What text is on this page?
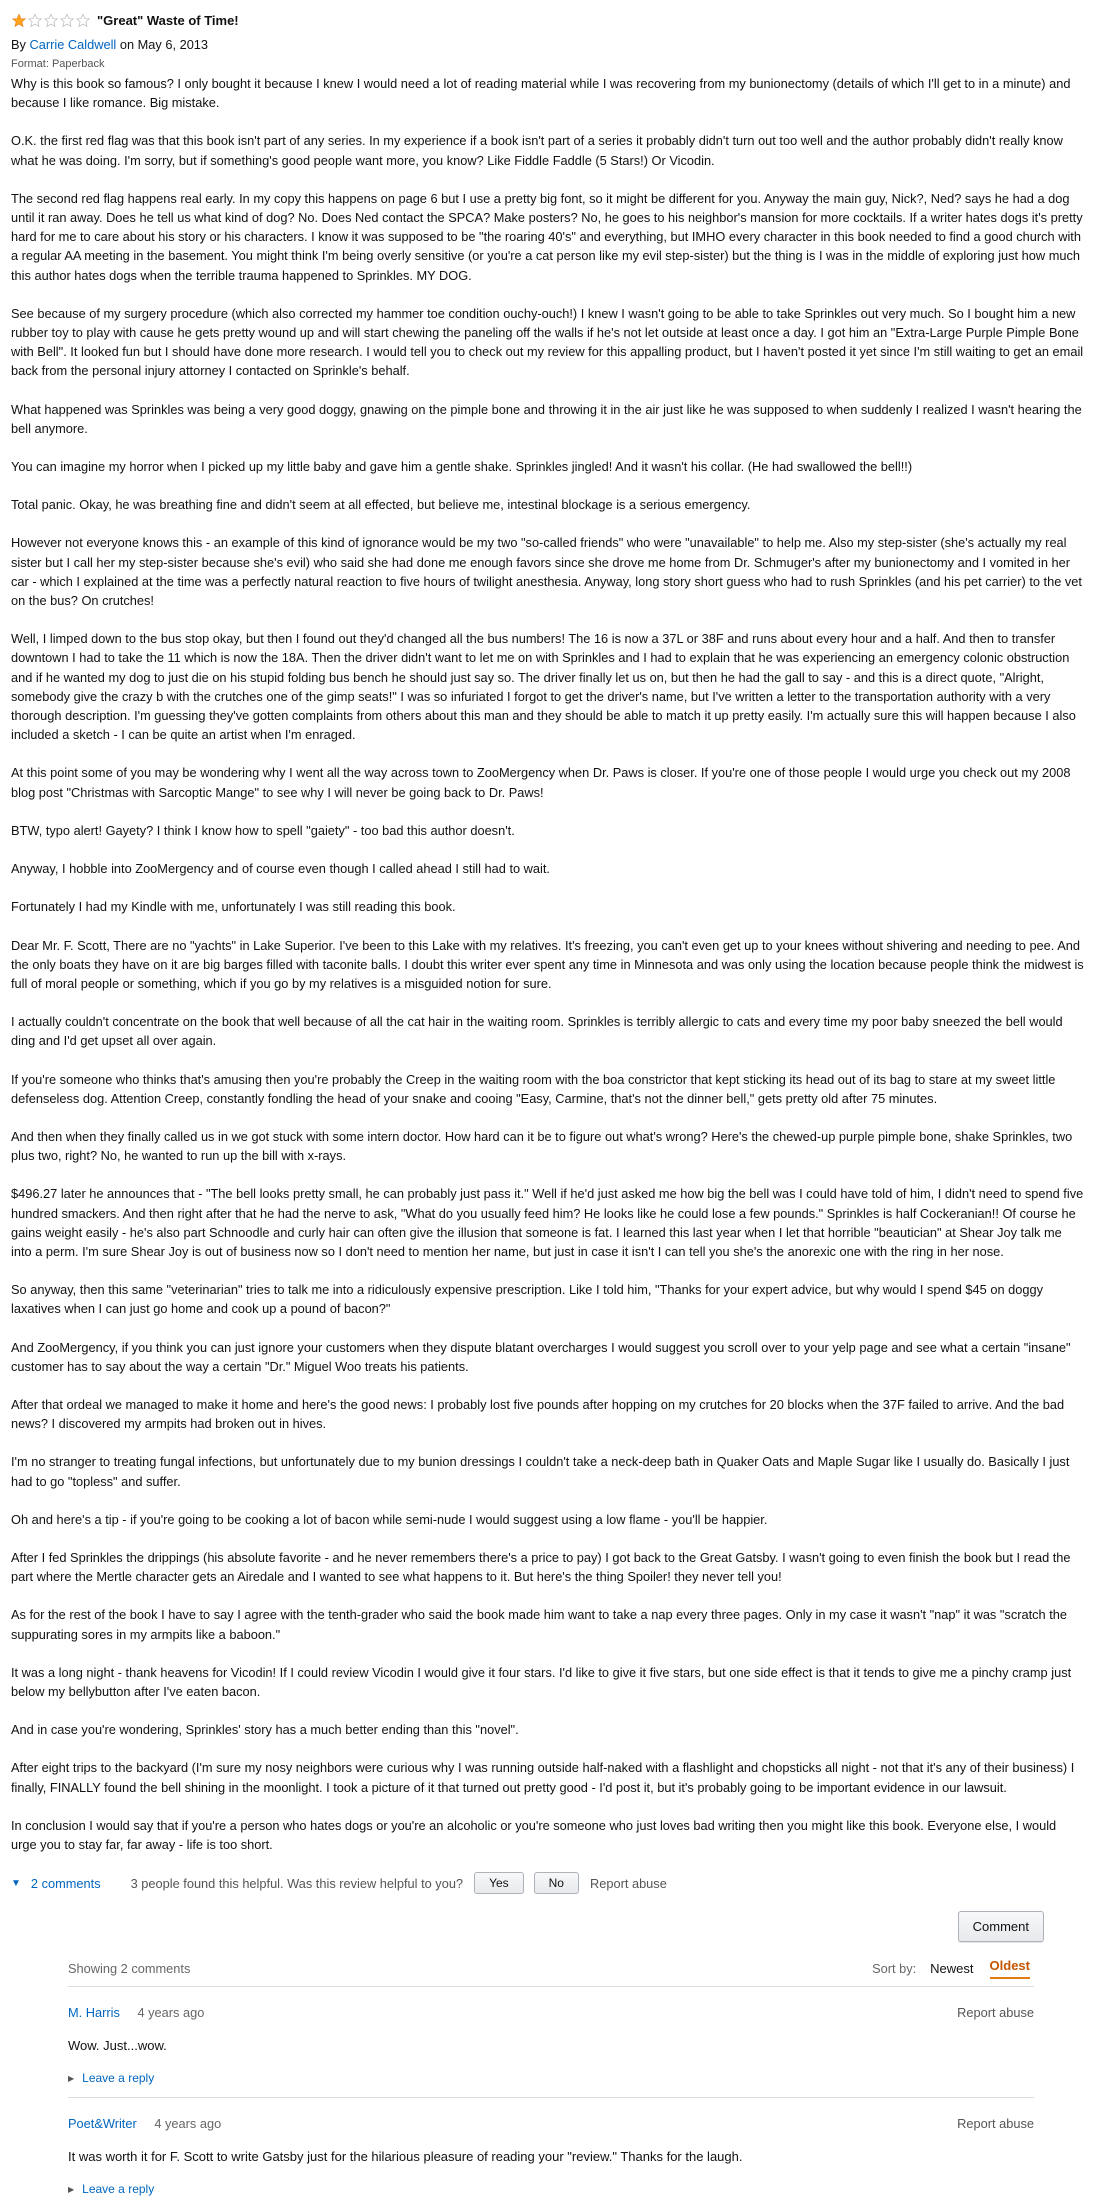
"Great" Waste of Time!
By Carrie Caldwell on May 6, 2013
Format: Paperback

Why is this book so famous? I only bought it because I knew I would need a lot of reading material while I was recovering from my bunionectomy (details of which I'll get to in a minute) and because I like romance. Big mistake.

O.K. the first red flag was that this book isn't part of any series. In my experience if a book isn't part of a series it probably didn't turn out too well and the author probably didn't really know what he was doing. I'm sorry, but if something's good people want more, you know? Like Fiddle Faddle (5 Stars!) Or Vicodin.

The second red flag happens real early. In my copy this happens on page 6 but I use a pretty big font, so it might be different for you. Anyway the main guy, Nick?, Ned? says he had a dog until it ran away. Does he tell us what kind of dog? No. Does Ned contact the SPCA? Make posters? No, he goes to his neighbor's mansion for more cocktails. If a writer hates dogs it's pretty hard for me to care about his story or his characters. I know it was supposed to be "the roaring 40's" and everything, but IMHO every character in this book needed to find a good church with a regular AA meeting in the basement. You might think I'm being overly sensitive (or you're a cat person like my evil step-sister) but the thing is I was in the middle of exploring just how much this author hates dogs when the terrible trauma happened to Sprinkles. MY DOG.

See because of my surgery procedure (which also corrected my hammer toe condition ouchy-ouch!) I knew I wasn't going to be able to take Sprinkles out very much. So I bought him a new rubber toy to play with cause he gets pretty wound up and will start chewing the paneling off the walls if he's not let outside at least once a day. I got him an "Extra-Large Purple Pimple Bone with Bell". It looked fun but I should have done more research. I would tell you to check out my review for this appalling product, but I haven't posted it yet since I'm still waiting to get an email back from the personal injury attorney I contacted on Sprinkle's behalf.

What happened was Sprinkles was being a very good doggy, gnawing on the pimple bone and throwing it in the air just like he was supposed to when suddenly I realized I wasn't hearing the bell anymore.

You can imagine my horror when I picked up my little baby and gave him a gentle shake. Sprinkles jingled! And it wasn't his collar. (He had swallowed the bell!!)

Total panic. Okay, he was breathing fine and didn't seem at all effected, but believe me, intestinal blockage is a serious emergency.

However not everyone knows this - an example of this kind of ignorance would be my two "so-called friends" who were "unavailable" to help me. Also my step-sister (she's actually my real sister but I call her my step-sister because she's evil) who said she had done me enough favors since she drove me home from Dr. Schmuger's after my bunionectomy and I vomited in her car - which I explained at the time was a perfectly natural reaction to five hours of twilight anesthesia. Anyway, long story short guess who had to rush Sprinkles (and his pet carrier) to the vet on the bus? On crutches!

Well, I limped down to the bus stop okay, but then I found out they'd changed all the bus numbers! The 16 is now a 37L or 38F and runs about every hour and a half. And then to transfer downtown I had to take the 11 which is now the 18A. Then the driver didn't want to let me on with Sprinkles and I had to explain that he was experiencing an emergency colonic obstruction and if he wanted my dog to just die on his stupid folding bus bench he should just say so. The driver finally let us on, but then he had the gall to say - and this is a direct quote, "Alright, somebody give the crazy b with the crutches one of the gimp seats!" I was so infuriated I forgot to get the driver's name, but I've written a letter to the transportation authority with a very thorough description. I'm guessing they've gotten complaints from others about this man and they should be able to match it up pretty easily. I'm actually sure this will happen because I also included a sketch - I can be quite an artist when I'm enraged.

At this point some of you may be wondering why I went all the way across town to ZooMergency when Dr. Paws is closer. If you're one of those people I would urge you check out my 2008 blog post "Christmas with Sarcoptic Mange" to see why I will never be going back to Dr. Paws!

BTW, typo alert! Gayety? I think I know how to spell "gaiety" - too bad this author doesn't.

Anyway, I hobble into ZooMergency and of course even though I called ahead I still had to wait.

Fortunately I had my Kindle with me, unfortunately I was still reading this book.

Dear Mr. F. Scott, There are no "yachts" in Lake Superior. I've been to this Lake with my relatives. It's freezing, you can't even get up to your knees without shivering and needing to pee. And the only boats they have on it are big barges filled with taconite balls. I doubt this writer ever spent any time in Minnesota and was only using the location because people think the midwest is full of moral people or something, which if you go by my relatives is a misguided notion for sure.

I actually couldn't concentrate on the book that well because of all the cat hair in the waiting room. Sprinkles is terribly allergic to cats and every time my poor baby sneezed the bell would ding and I'd get upset all over again.

If you're someone who thinks that's amusing then you're probably the Creep in the waiting room with the boa constrictor that kept sticking its head out of its bag to stare at my sweet little defenseless dog. Attention Creep, constantly fondling the head of your snake and cooing "Easy, Carmine, that's not the dinner bell," gets pretty old after 75 minutes.

And then when they finally called us in we got stuck with some intern doctor. How hard can it be to figure out what's wrong? Here's the chewed-up purple pimple bone, shake Sprinkles, two plus two, right? No, he wanted to run up the bill with x-rays.

$496.27 later he announces that - "The bell looks pretty small, he can probably just pass it." Well if he'd just asked me how big the bell was I could have told of him, I didn't need to spend five hundred smackers. And then right after that he had the nerve to ask, "What do you usually feed him? He looks like he could lose a few pounds." Sprinkles is half Cockeranian!! Of course he gains weight easily - he's also part Schnoodle and curly hair can often give the illusion that someone is fat. I learned this last year when I let that horrible "beautician" at Shear Joy talk me into a perm. I'm sure Shear Joy is out of business now so I don't need to mention her name, but just in case it isn't I can tell you she's the anorexic one with the ring in her nose.

So anyway, then this same "veterinarian" tries to talk me into a ridiculously expensive prescription. Like I told him, "Thanks for your expert advice, but why would I spend $45 on doggy laxatives when I can just go home and cook up a pound of bacon?"

And ZooMergency, if you think you can just ignore your customers when they dispute blatant overcharges I would suggest you scroll over to your yelp page and see what a certain "insane" customer has to say about the way a certain "Dr." Miguel Woo treats his patients.

After that ordeal we managed to make it home and here's the good news: I probably lost five pounds after hopping on my crutches for 20 blocks when the 37F failed to arrive. And the bad news? I discovered my armpits had broken out in hives.

I'm no stranger to treating fungal infections, but unfortunately due to my bunion dressings I couldn't take a neck-deep bath in Quaker Oats and Maple Sugar like I usually do. Basically I just had to go "topless" and suffer.

Oh and here's a tip - if you're going to be cooking a lot of bacon while semi-nude I would suggest using a low flame - you'll be happier.

After I fed Sprinkles the drippings (his absolute favorite - and he never remembers there's a price to pay) I got back to the Great Gatsby. I wasn't going to even finish the book but I read the part where the Mertle character gets an Airedale and I wanted to see what happens to it. But here's the thing Spoiler! they never tell you!

As for the rest of the book I have to say I agree with the tenth-grader who said the book made him want to take a nap every three pages. Only in my case it wasn't "nap" it was "scratch the suppurating sores in my armpits like a baboon."

It was a long night - thank heavens for Vicodin! If I could review Vicodin I would give it four stars. I'd like to give it five stars, but one side effect is that it tends to give me a pinchy cramp just below my bellybutton after I've eaten bacon.

And in case you're wondering, Sprinkles' story has a much better ending than this "novel".

After eight trips to the backyard (I'm sure my nosy neighbors were curious why I was running outside half-naked with a flashlight and chopsticks all night - not that it's any of their business) I finally, FINALLY found the bell shining in the moonlight. I took a picture of it that turned out pretty good - I'd post it, but it's probably going to be important evidence in our lawsuit.

In conclusion I would say that if you're a person who hates dogs or you're an alcoholic or you're someone who just loves bad writing then you might like this book. Everyone else, I would urge you to stay far, far away - life is too short.

▼ 2 comments 3 people found this helpful. Was this review helpful to you?	Yes	No	Report abuse
Comment
Showing 2 comments	Sort by: Newest Oldest
M. Harris 4 years ago	Report abuse
Wow. Just...wow.
▶ Leave a reply
Poet&Writer 4 years ago	Report abuse
It was worth it for F. Scott to write Gatsby just for the hilarious pleasure of reading your "review." Thanks for the laugh.
▶ Leave a reply
